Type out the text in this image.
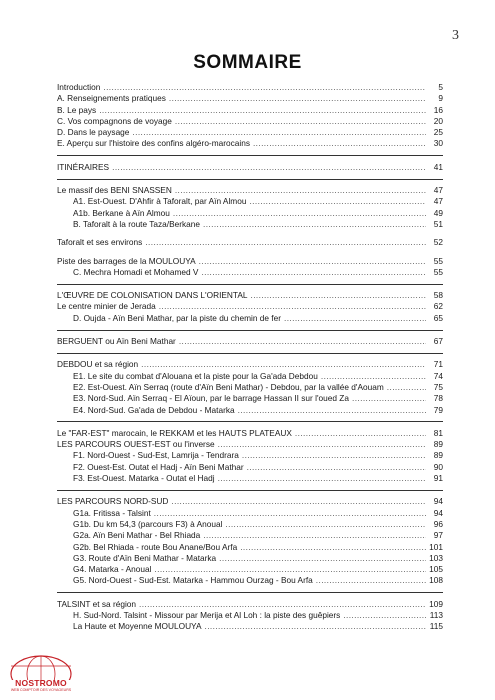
3
SOMMAIRE
Introduction .....	5
A. Renseignements pratiques .....	9
B. Le pays .....	16
C. Vos compagnons de voyage .....	20
D. Dans le paysage .....	25
E. Aperçu sur l'histoire des confins algéro-marocains .....	30
ITINÉRAIRES .....	41
Le massif des BENI SNASSEN .....	47
A1. Est-Ouest. D'Ahfir à Taforalt, par Aïn Almou .....	47
A1b. Berkane à Aïn Almou .....	49
B. Taforalt à la route Taza/Berkane .....	51
Taforalt et ses environs .....	52
Piste des barrages de la MOULOUYA .....	55
C. Mechra Homadi et Mohamed V .....	55
L'ŒUVRE DE COLONISATION DANS L'ORIENTAL .....	58
Le centre minier de Jerada .....	62
D. Oujda - Aïn Beni Mathar, par la piste du chemin de fer .....	65
BERGUENT ou Aïn Beni Mathar .....	67
DEBDOU et sa région .....	71
E1. Le site du combat d'Alouana et la piste pour la Ga'ada Debdou .....	74
E2. Est-Ouest. Aïn Serraq (route d'Aïn Beni Mathar) - Debdou, par la vallée d'Aouam .....	75
E3. Nord-Sud. Aïn Serraq - El Aïoun, par le barrage Hassan II sur l'oued Za .....	78
E4. Nord-Sud. Ga'ada de Debdou - Matarka .....	79
Le "FAR-EST" marocain, le REKKAM et les HAUTS PLATEAUX .....	81
LES PARCOURS OUEST-EST ou l'inverse .....	89
F1. Nord-Ouest - Sud-Est, Lamrija - Tendrara .....	89
F2. Ouest-Est. Outat el Hadj - Aïn Beni Mathar .....	90
F3. Est-Ouest. Matarka - Outat el Hadj .....	91
LES PARCOURS NORD-SUD .....	94
G1a. Fritissa - Talsint .....	94
G1b. Du km 54,3 (parcours F3) à Anoual .....	96
G2a. Aïn Beni Mathar - Bel Rhiada .....	97
G2b. Bel Rhiada - route Bou Anane/Bou Arfa .....	101
G3. Route d'Aïn Beni Mathar - Matarka .....	103
G4. Matarka - Anoual .....	105
G5. Nord-Ouest - Sud-Est. Matarka - Hammou Ourzag - Bou Arfa .....	108
TALSINT et sa région .....	109
H. Sud-Nord. Talsint - Missour par Merija et Al Loh : la piste des guêpiers .....	113
La Haute et Moyenne MOULOUYA .....	115
NOSTROMO
WEB COMPTOIR DES VOYAGEURS
